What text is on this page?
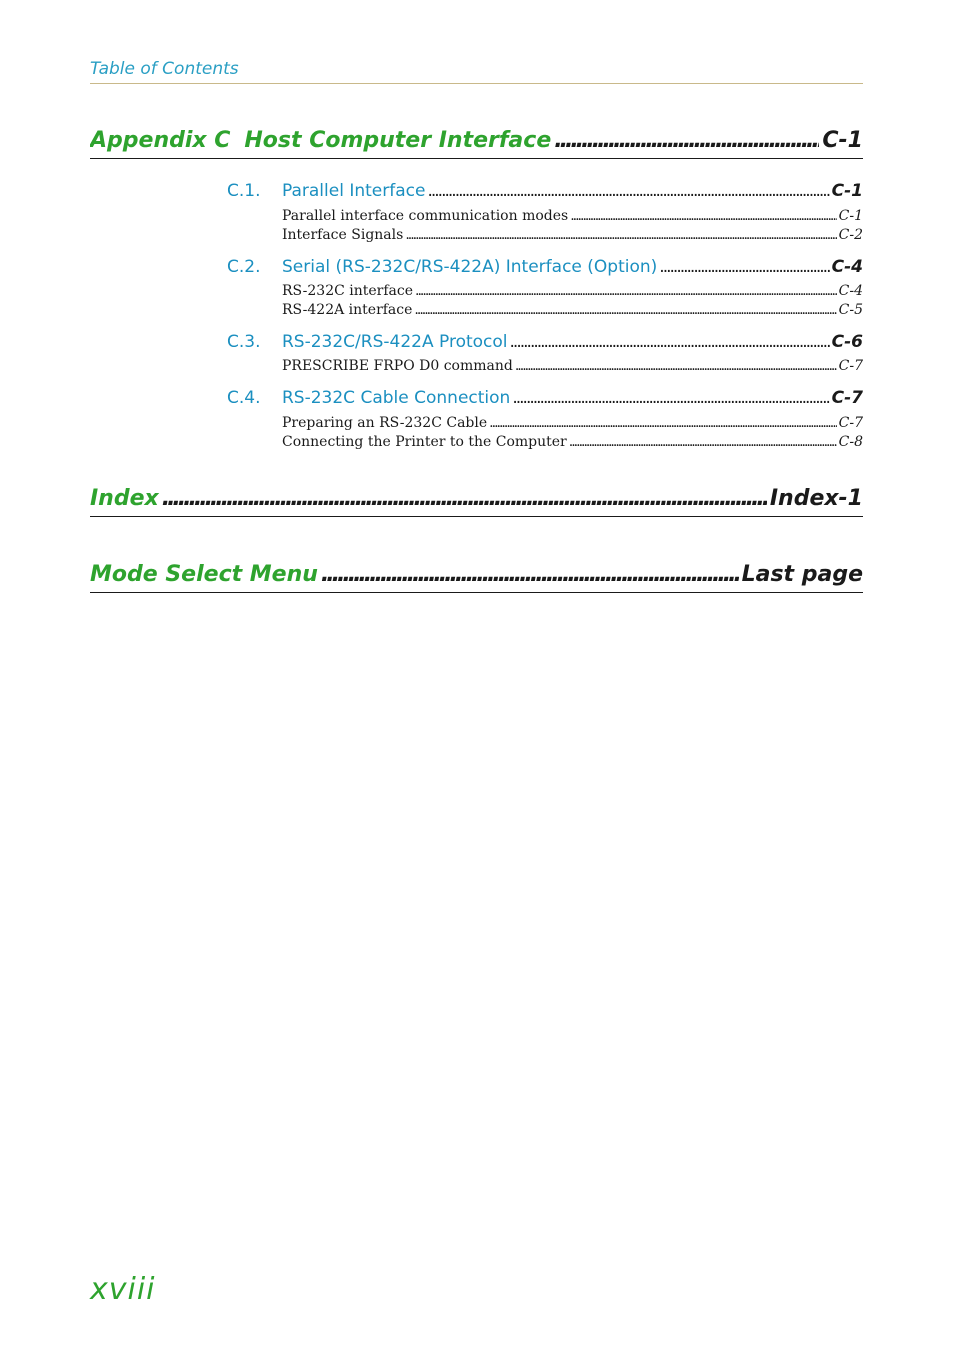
Table of Contents
Appendix C Host Computer Interface .....	C-1
C.1.	Parallel Interface .....	C-1
Parallel interface communication modes .....	C-1
Interface Signals .....	C-2
C.2.	Serial (RS-232C/RS-422A) Interface (Option) .....	C-4
RS-232C interface .....	C-4
RS-422A interface .....	C-5
C.3.	RS-232C/RS-422A Protocol .....	C-6
PRESCRIBE FRPO D0 command .....	C-7
C.4.	RS-232C Cable Connection .....	C-7
Preparing an RS-232C Cable .....	C-7
Connecting the Printer to the Computer .....	C-8
Index .....	Index-1
Mode Select Menu .....	Last page
xviii
